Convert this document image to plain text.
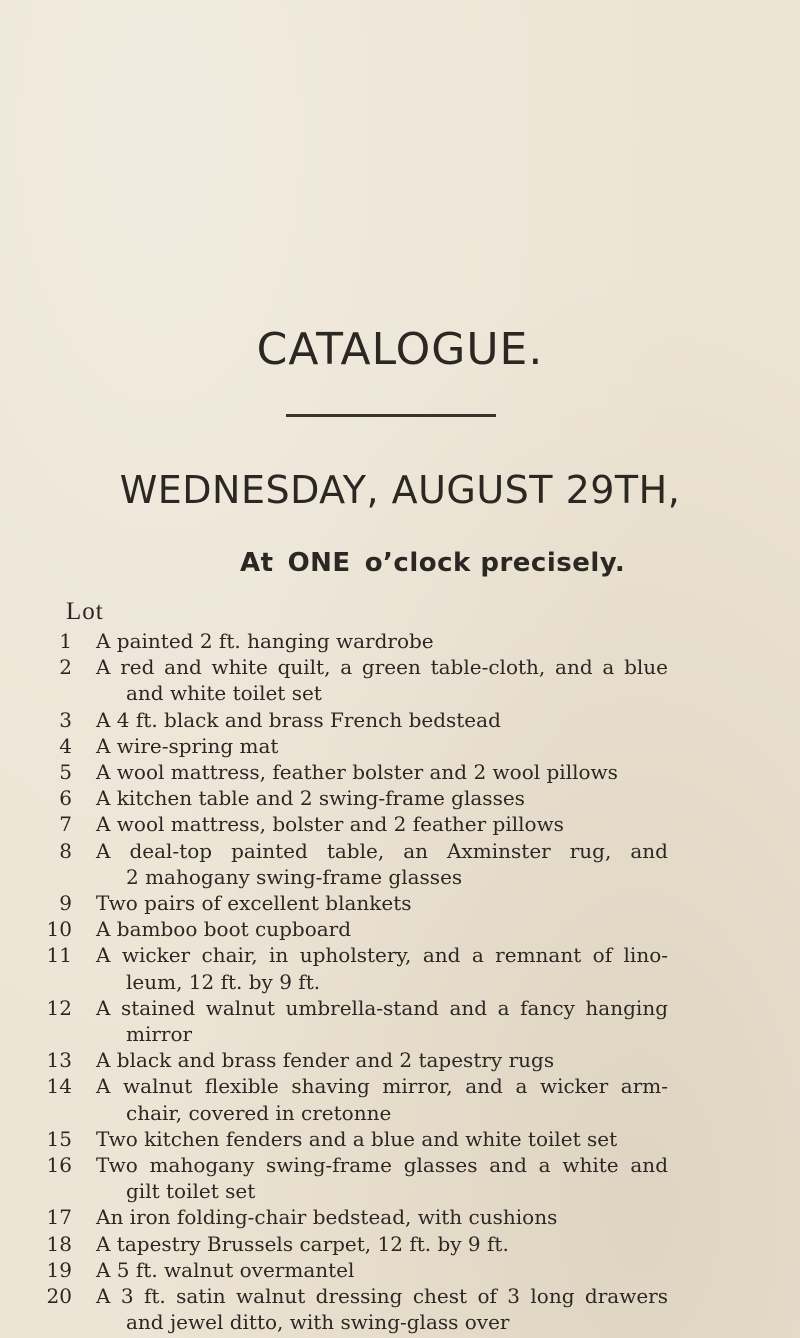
CATALOGUE.
WEDNESDAY, AUGUST 29TH,
At ONE o’clock precisely.
Lot
1	A painted 2 ft. hanging wardrobe
2	A red and white quilt, a green table-cloth, and a blue
and white toilet set
3	A 4 ft. black and brass French bedstead
4	A wire-spring mat
5	A wool mattress, feather bolster and 2 wool pillows
6	A kitchen table and 2 swing-frame glasses
7	A wool mattress, bolster and 2 feather pillows
8	A deal-top painted table, an Axminster rug, and
2 mahogany swing-frame glasses
9	Two pairs of excellent blankets
10	A bamboo boot cupboard
11	A wicker chair, in upholstery, and a remnant of lino-
leum, 12 ft. by 9 ft.
12	A stained walnut umbrella-stand and a fancy hanging
mirror
13	A black and brass fender and 2 tapestry rugs
14	A walnut flexible shaving mirror, and a wicker arm-
chair, covered in cretonne
15	Two kitchen fenders and a blue and white toilet set
16	Two mahogany swing-frame glasses and a white and
gilt toilet set
17	An iron folding-chair bedstead, with cushions
18	A tapestry Brussels carpet, 12 ft. by 9 ft.
19	A 5 ft. walnut overmantel
20	A 3 ft. satin walnut dressing chest of 3 long drawers
and jewel ditto, with swing-glass over
